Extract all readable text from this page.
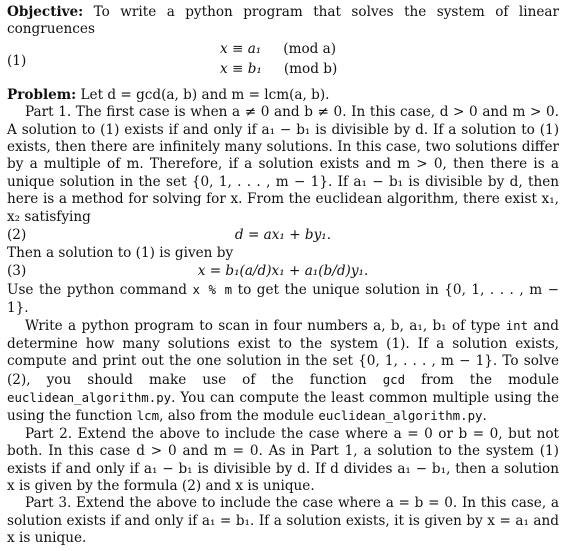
Objective: To write a python program that solves the system of linear congruences

(1)
x ≡ a₁ (mod a)
x ≡ b₁ (mod b)

Problem: Let d = gcd(a, b) and m = lcm(a, b).

Part 1. The first case is when a ≠ 0 and b ≠ 0. In this case, d > 0 and m > 0. A solution to (1) exists if and only if a₁ − b₁ is divisible by d. If a solution to (1) exists, then there are infinitely many solutions. In this case, two solutions differ by a multiple of m. Therefore, if a solution exists and m > 0, then there is a unique solution in the set {0, 1, . . . , m − 1}. If a₁ − b₁ is divisible by d, then here is a method for solving for x. From the euclidean algorithm, there exist x₁, x₂ satisfying

(2)	d = ax₁ + by₁.

Then a solution to (1) is given by

(3)	x = b₁(a/d)x₁ + a₁(b/d)y₁.

Use the python command x % m to get the unique solution in {0, 1, . . . , m − 1}.

Write a python program to scan in four numbers a, b, a₁, b₁ of type int and determine how many solutions exist to the system (1). If a solution exists, compute and print out the one solution in the set {0, 1, . . . , m − 1}. To solve (2), you should make use of the function gcd from the module euclidean_algorithm.py. You can compute the least common multiple using the using the function lcm, also from the module euclidean_algorithm.py.

Part 2. Extend the above to include the case where a = 0 or b = 0, but not both. In this case d > 0 and m = 0. As in Part 1, a solution to the system (1) exists if and only if a₁ − b₁ is divisible by d. If d divides a₁ − b₁, then a solution x is given by the formula (2) and x is unique.

Part 3. Extend the above to include the case where a = b = 0. In this case, a solution exists if and only if a₁ = b₁. If a solution exists, it is given by x = a₁ and x is unique.
